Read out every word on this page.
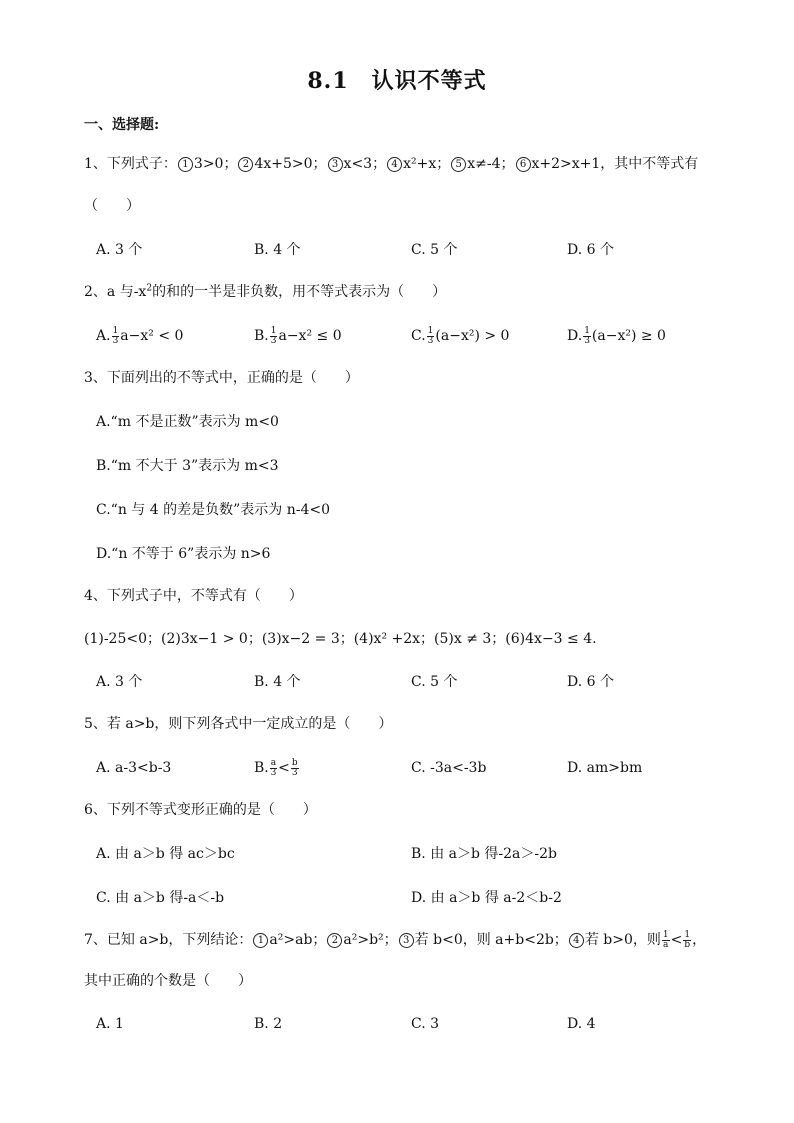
8.1　认识不等式
一、选择题:
1、下列式子： 1 3>0； 2 4x+5>0； 3 x<3； 4 x²+x； 5 x≠-4； 6 x+2>x+1，其中不等式有
（　　）
A. 3 个	B. 4 个	C. 5 个	D. 6 个
2、a 与$-x^2$的和的一半是非负数，用不等式表示为（　　）
A. $\frac{1}{3} a-x^2 < 0$	B. $\frac{1}{3} a-x^2 \le 0$	C. $\frac{1}{3} (a-x^2) > 0$	D. $\frac{1}{3} (a-x^2) \ge 0$
3、下面列出的不等式中，正确的是（　　）
A.“m 不是正数”表示为 m<0
B.“m 不大于 3”表示为 m<3
C.“n 与 4 的差是负数”表示为 n-4<0
D.“n 不等于 6”表示为 n>6
4、下列式子中，不等式有（　　）
(1)-25<0；(2)3x−1 > 0；(3)x−2 = 3；(4)x² +2x；(5)x ≠ 3；(6)4x−3 ≤ 4.
A. 3 个	B. 4 个	C. 5 个	D. 6 个
5、若 a>b，则下列各式中一定成立的是（　　）
A. a-3<b-3	B. $\frac{a}{3} < \frac{b}{3}$	C. -3a<-3b	D. am>bm
6、下列不等式变形正确的是（　　）
A. 由 a＞b 得 ac＞bc	B. 由 a＞b 得-2a＞-2b
C. 由 a＞b 得-a＜-b	D. 由 a＞b 得 a-2＜b-2
7、已知 a>b，下列结论： 1 a²>ab； 2 a²>b²； 3 若 b<0，则 a+b<2b； 4 若 b>0，则 $\frac{1}{a} < \frac{1}{b}$ ，
其中正确的个数是（　　）
A. 1	B. 2	C. 3	D. 4
